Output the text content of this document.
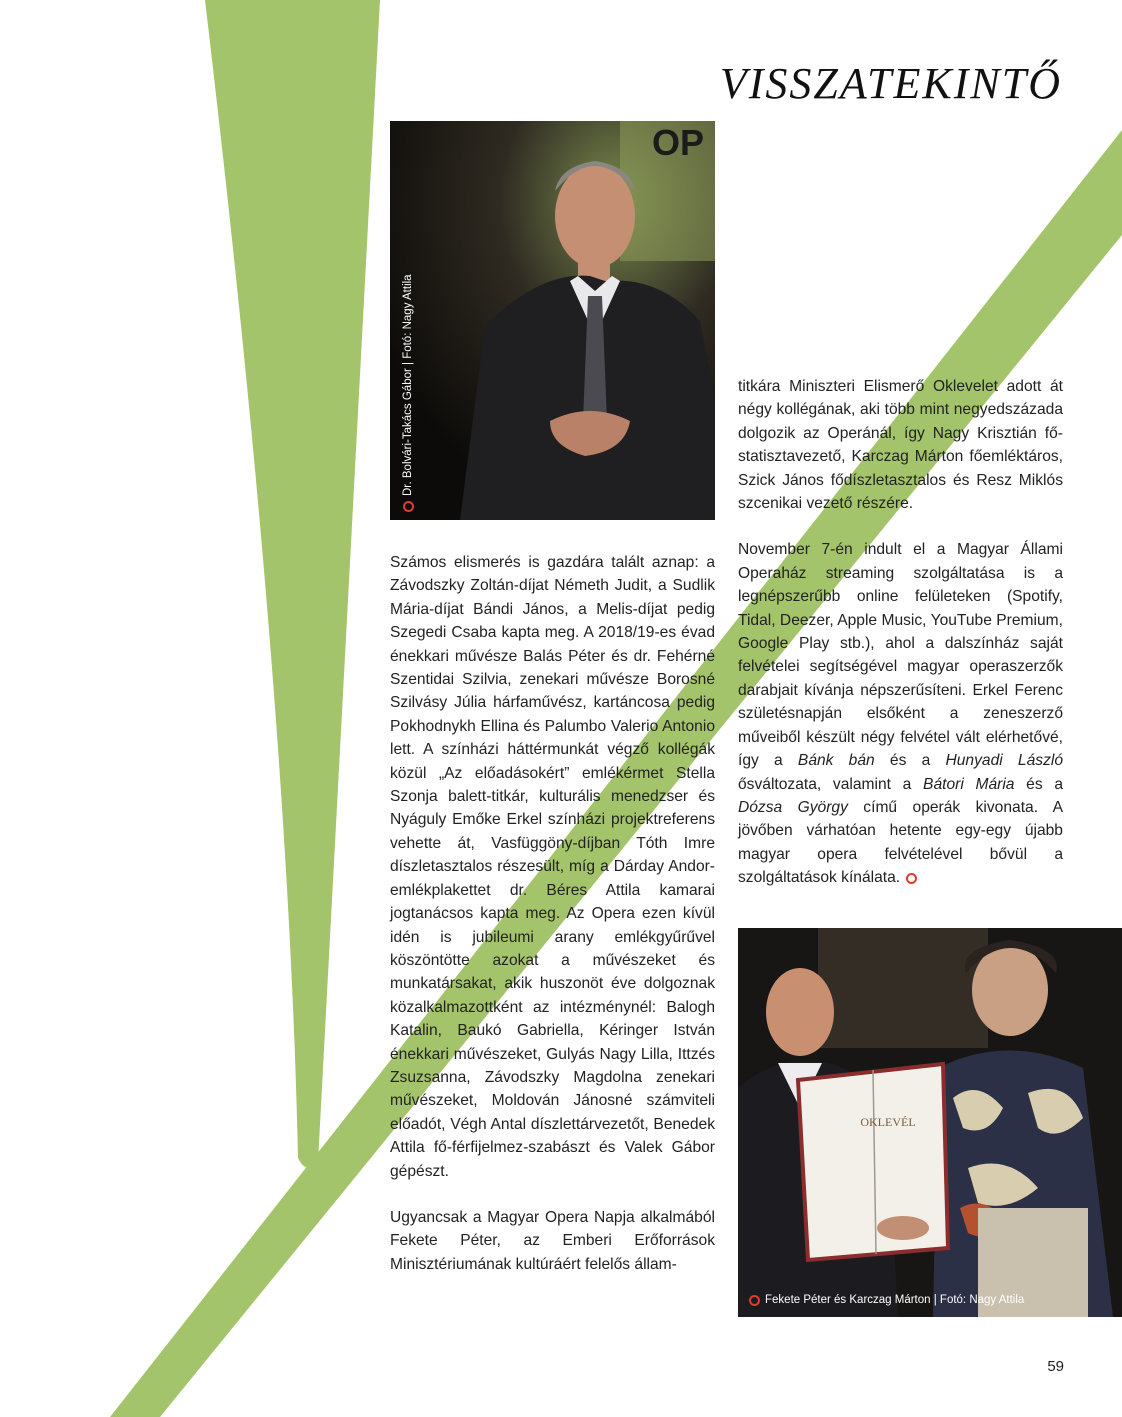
VISSZATEKINTŐ
OP
Dr. Bolvári-Takács Gábor | Fotó: Nagy Attila
OKLEVÉL
Fekete Péter és Karczag Márton | Fotó: Nagy Attila

Számos elismerés is gazdára talált aznap: a Závodszky Zoltán-díjat Németh Judit, a Sudlik Mária-díjat Bándi János, a Melis-díjat pedig Szegedi Csaba kapta meg. A 2018/19-es évad énekkari művésze Balás Péter és dr. Fehérné Szentidai Szilvia, zenekari művésze Borosné Szilvásy Júlia hárfaművész, kartáncosa pedig Pokhodnykh Ellina és Palumbo Valerio Antonio lett. A színházi háttérmunkát végző kollégák közül „Az előadásokért” emlékérmet Stella Szonja balett-titkár, kulturális menedzser és Nyáguly Emőke Erkel színházi projektreferens vehette át, Vasfüggöny-díjban Tóth Imre díszletasztalos részesült, míg a Dárday Andor-emlékplakettet dr. Béres Attila kamarai jogtanácsos kapta meg. Az Opera ezen kívül idén is jubileumi arany emlékgyűrűvel köszöntötte azokat a művészeket és munkatársakat, akik huszonöt éve dolgoznak közalkalmazottként az intézménynél: Balogh Katalin, Baukó Gabriella, Kéringer István énekkari művészeket, Gulyás Nagy Lilla, Ittzés Zsuzsanna, Závodszky Magdolna zenekari művészeket, Moldován Jánosné számviteli előadót, Végh Antal díszlettárvezetőt, Benedek Attila fő-férfijelmez-szabászt és Valek Gábor gépészt.

Ugyancsak a Magyar Opera Napja alkalmából Fekete Péter, az Emberi Erőforrások Minisztériumának kultúráért felelős állam-

titkára Miniszteri Elismerő Oklevelet adott át négy kollégának, aki több mint negyedszázada dolgozik az Operánál, így Nagy Krisztián fő-statisztavezető, Karczag Márton főemléktáros, Szick János fődíszletasztalos és Resz Miklós szcenikai vezető részére.

November 7-én indult el a Magyar Állami Operaház streaming szolgáltatása is a legnépszerűbb online felületeken (Spotify, Tidal, Deezer, Apple Music, YouTube Premium, Google Play stb.), ahol a dalszínház saját felvételei segítségével magyar operaszerzők darabjait kívánja népszerűsíteni. Erkel Ferenc születésnapján elsőként a zeneszerző műveiből készült négy felvétel vált elérhetővé, így a Bánk bán és a Hunyadi László ősváltozata, valamint a Bátori Mária és a Dózsa György című operák kivonata. A jövőben várhatóan hetente egy-egy újabb magyar opera felvételével bővül a szolgáltatások kínálata.

59
